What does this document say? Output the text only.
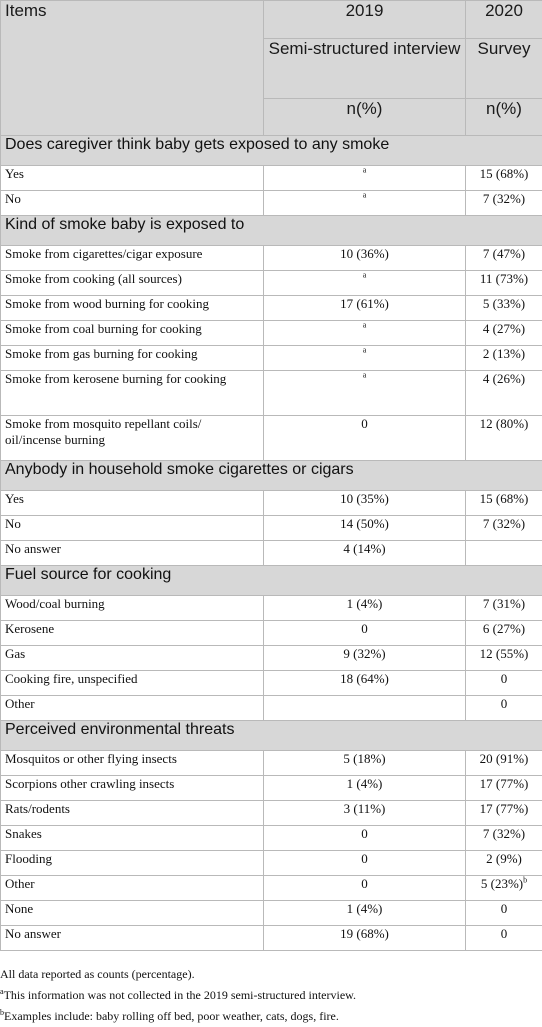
Items	2019	2020
	Semi-structured interview	Survey
	n(%)	n(%)
Does caregiver think baby gets exposed to any smoke		
Yes	$^a$	15 (68%)
No	$^a$	7 (32%)
Kind of smoke baby is exposed to		
Smoke from cigarettes/cigar exposure	10 (36%)	7 (47%)
Smoke from cooking (all sources)	$^a$	11 (73%)
Smoke from wood burning for cooking	17 (61%)	5 (33%)
Smoke from coal burning for cooking	$^a$	4 (27%)
Smoke from gas burning for cooking	$^a$	2 (13%)
Smoke from kerosene burning for cooking	$^a$	4 (26%)
Smoke from mosquito repellant coils/ oil/incense burning	0	12 (80%)
Anybody in household smoke cigarettes or cigars		
Yes	10 (35%)	15 (68%)
No	14 (50%)	7 (32%)
No answer	4 (14%)	
Fuel source for cooking		
Wood/coal burning	1 (4%)	7 (31%)
Kerosene	0	6 (27%)
Gas	9 (32%)	12 (55%)
Cooking fire, unspecified	18 (64%)	0
Other		0
Perceived environmental threats		
Mosquitos or other flying insects	5 (18%)	20 (91%)
Scorpions other crawling insects	1 (4%)	17 (77%)
Rats/rodents	3 (11%)	17 (77%)
Snakes	0	7 (32%)
Flooding	0	2 (9%)
Other	0	5 $(23\%)^b$
None	1 (4%)	0
No answer	19 (68%)	0
All data reported as counts (percentage).
$^a$This information was not collected in the 2019 semi-structured interview.
$^b$Examples include: baby rolling off bed, poor weather, cats, dogs, fire.
